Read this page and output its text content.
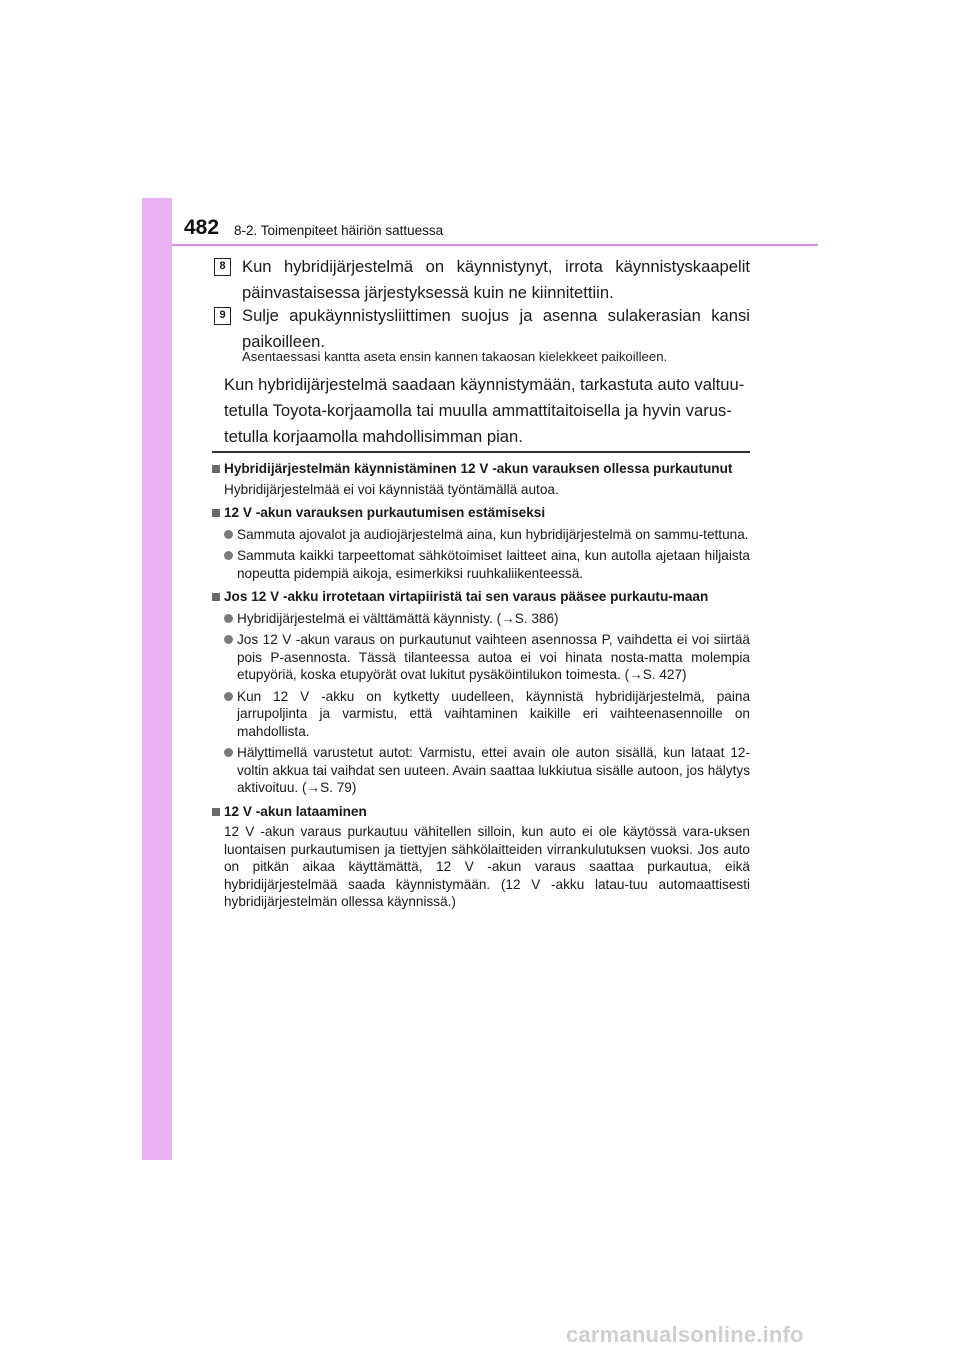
482 8-2. Toimenpiteet häiriön sattuessa
8 Kun hybridijärjestelmä on käynnistynyt, irrota käynnistyskaapelit päinvastaisessa järjestyksessä kuin ne kiinnitettiin.
9 Sulje apukäynnistysliittimen suojus ja asenna sulakerasian kansi paikoilleen.
Asentaessasi kantta aseta ensin kannen takaosan kielekkeet paikoilleen.
Kun hybridijärjestelmä saadaan käynnistymään, tarkastuta auto valtuu-tetulla Toyota-korjaamolla tai muulla ammattitaitoisella ja hyvin varus-tetulla korjaamolla mahdollisimman pian.
Hybridijärjestelmän käynnistäminen 12 V -akun varauksen ollessa purkautunut
Hybridijärjestelmää ei voi käynnistää työntämällä autoa.
12 V -akun varauksen purkautumisen estämiseksi
Sammuta ajovalot ja audiojärjestelmä aina, kun hybridijärjestelmä on sammu-tettuna.
Sammuta kaikki tarpeettomat sähkötoimiset laitteet aina, kun autolla ajetaan hiljaista nopeutta pidempiä aikoja, esimerkiksi ruuhkaliikenteessä.
Jos 12 V -akku irrotetaan virtapiiristä tai sen varaus pääsee purkautu-maan
Hybridijärjestelmä ei välttämättä käynnisty. (→S. 386)
Jos 12 V -akun varaus on purkautunut vaihteen asennossa P, vaihdetta ei voi siirtää pois P-asennosta. Tässä tilanteessa autoa ei voi hinata nosta-matta molempia etupyöriä, koska etupyörät ovat lukitut pysäköintilukon toimesta. (→S. 427)
Kun 12 V -akku on kytketty uudelleen, käynnistä hybridijärjestelmä, paina jarrupoljinta ja varmistu, että vaihtaminen kaikille eri vaihteenasennoille on mahdollista.
Hälyttimellä varustetut autot: Varmistu, ettei avain ole auton sisällä, kun lataat 12-voltin akkua tai vaihdat sen uuteen. Avain saattaa lukkiutua sisälle autoon, jos hälytys aktivoituu. (→S. 79)
12 V -akun lataaminen
12 V -akun varaus purkautuu vähitellen silloin, kun auto ei ole käytössä vara-uksen luontaisen purkautumisen ja tiettyjen sähkölaitteiden virrankulutuksen vuoksi. Jos auto on pitkän aikaa käyttämättä, 12 V -akun varaus saattaa purkautua, eikä hybridijärjestelmää saada käynnistymään. (12 V -akku latau-tuu automaattisesti hybridijärjestelmän ollessa käynnissä.)
carmanualsonline.info
